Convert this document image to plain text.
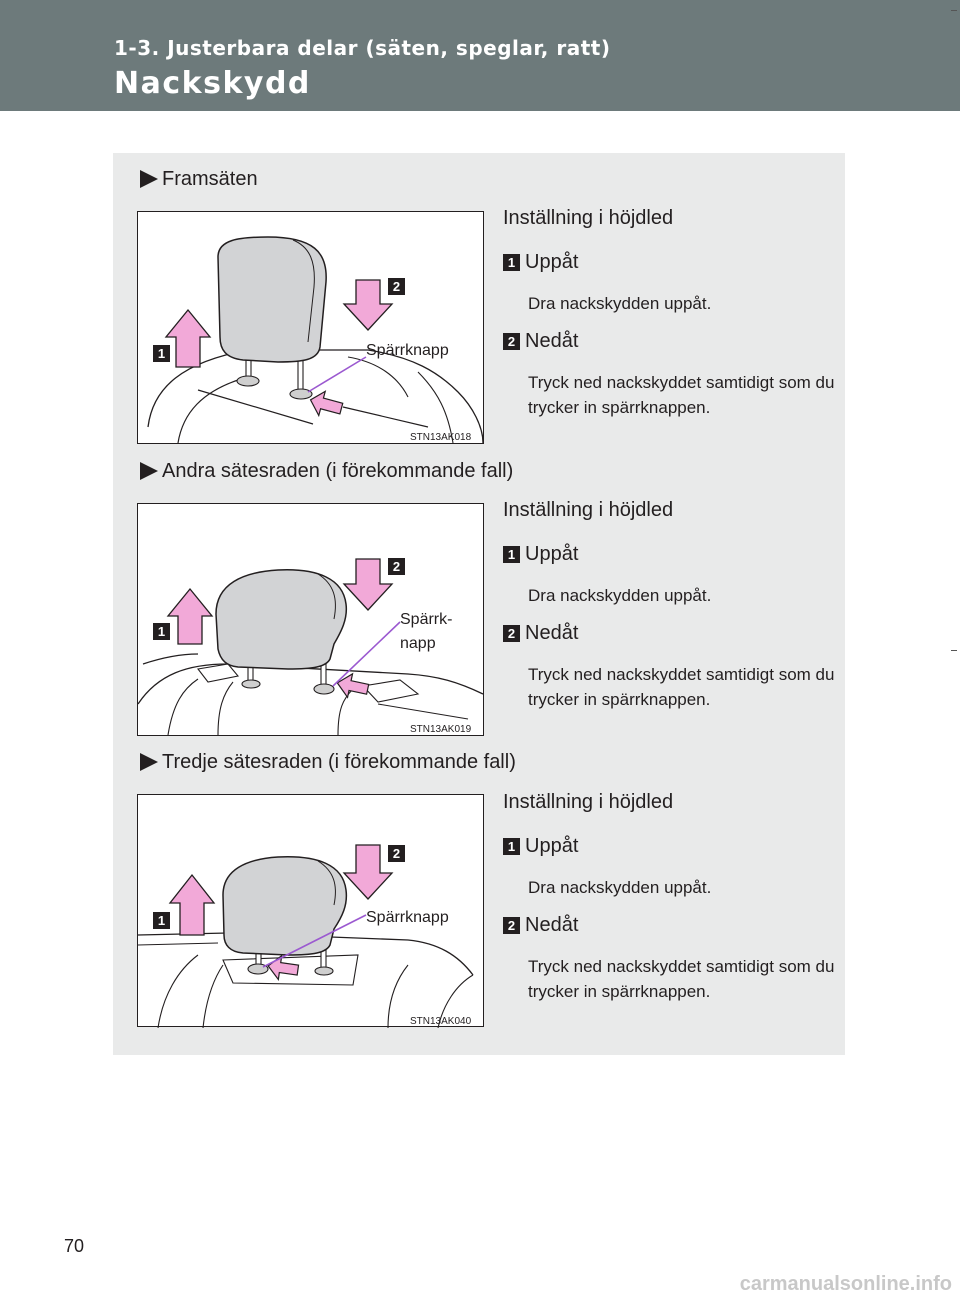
1-3. Justerbara delar (säten, speglar, ratt)
Nackskydd
Framsäten
1
2
Spärrknapp
STN13AK018
Inställning i höjdled
1 Uppåt
Dra nackskydden uppåt.
2 Nedåt
Tryck ned nackskyddet samtidigt som du trycker in spärrknappen.
Andra sätesraden (i förekommande fall)
1
2
Spärrk-
napp
STN13AK019
Inställning i höjdled
1 Uppåt
Dra nackskydden uppåt.
2 Nedåt
Tryck ned nackskyddet samtidigt som du trycker in spärrknappen.
Tredje sätesraden (i förekommande fall)
1
2
Spärrknapp
STN13AK040
Inställning i höjdled
1 Uppåt
Dra nackskydden uppåt.
2 Nedåt
Tryck ned nackskyddet samtidigt som du trycker in spärrknappen.
70
carmanualsonline.info
